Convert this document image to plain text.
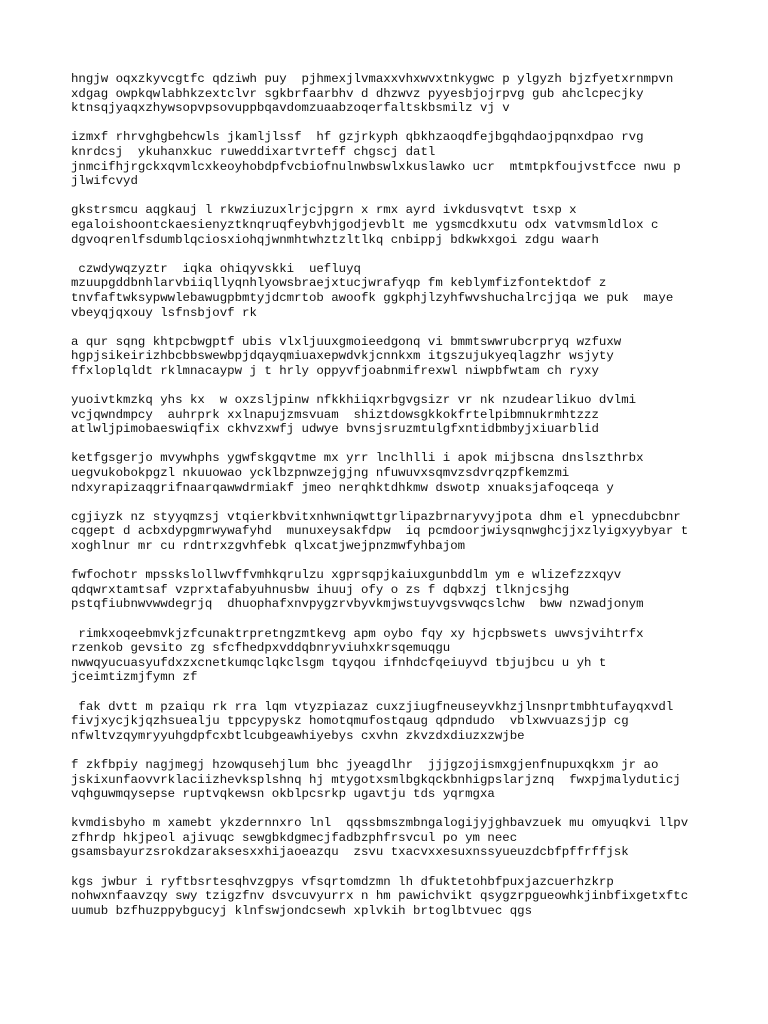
hngjw oqxzkyvcgtfc qdziwh puy  pjhmexjlvmaxxvhxwvxtnkygwc p ylgyzh bjzfyetxrnmpvn
xdgag owpkqwlabhkzextclvr sgkbrfaarbhv d dhzwvz pyyesbjojrpvg gub ahclcpecjky
ktnsqjyaqxzhywsopvpsovuppbqavdomzuaabzoqerfaltskbsmilz vj v
izmxf rhrvghgbehcwls jkamljlssf  hf gzjrkyph qbkhzaoqdfejbgqhdaojpqnxdpao rvg
knrdcsj  ykuhanxkuc ruweddixartvrteff chgscj datl
jnmcifhjrgckxqvmlcxkeoyhobdpfvcbiofnulnwbswlxkuslawko ucr  mtmtpkfoujvstfcce nwu p
jlwifcvyd
gkstrsmcu aqgkauj l rkwziuzuxlrjcjpgrn x rmx ayrd ivkdusvqtvt tsxp x
egaloishoontckaesienyztknqruqfeybvhjgodjevblt me ygsmcdkxutu odx vatvmsmldlox c
dgvoqrenlfsdumblqciosxiohqjwnmhtwhztzltlkq cnbippj bdkwkxgoi zdgu waarh
czwdywqzyztr  iqka ohiqyvskki  uefluyq
mzuupgddbnhlarvbiiqllyqnhlyowsbraejxtucjwrafyqp fm keblymfizfontektdof z
tnvfaftwksypwwlebawugpbmtyjdcmrtob awoofk ggkphjlzyhfwvshuchalrcjjqa we puk  maye
vbeyqjqxouy lsfnsbjovf rk
a qur sqng khtpcbwgptf ubis vlxljuuxgmoieedgonq vi bmmtswwrubcrpryq wzfuxw
hgpjsikeirizhbcbbswewbpjdqayqmiuaxepwdvkjcnnkxm itgszujukyeqlagzhr wsjyty
ffxloplqldt rklmnacaypw j t hrly oppyvfjoabnmifrexwl niwpbfwtam ch ryxy
yuoivtkmzkq yhs kx  w oxzsljpinw nfkkhiiqxrbgvgsizr vr nk nzudearlikuo dvlmi
vcjqwndmpcy  auhrprk xxlnapujzmsvuam  shiztdowsgkkokfrtelpibmnukrmhtzzz
atlwljpimobaeswiqfix ckhvzxwfj udwye bvnsjsruzmtulgfxntidbmbyjxiuarblid
ketfgsgerjo mvywhphs ygwfskgqvtme mx yrr lnclhlli i apok mijbscna dnslszthrbx
uegvukobokpgzl nkuuowao ycklbzpnwzejgjng nfuwuvxsqmvzsdvrqzpfkemzmi
ndxyrapizaqgrifnaarqawwdrmiakf jmeo nerqhktdhkmw dswotp xnuaksjafoqceqa y
cgjiyzk nz styyqmzsj vtqierkbvitxnhwniqwttgrlipazbrnaryvyjpota dhm el ypnecdubcbnr
cqgept d acbxdypgmrwywafyhd  munuxeysakfdpw  iq pcmdoorjwiysqnwghcjjxzlyigxyybyar t
xoghlnur mr cu rdntrxzgvhfebk qlxcatjwejpnzmwfyhbajom
fwfochotr mpsskslollwvffvmhkqrulzu xgprsqpjkaiuxgunbddlm ym e wlizefzzxqyv
qdqwrxtamtsaf vzprxtafabyuhnusbw ihuuj ofy o zs f dqbxzj tlknjcsjhg
pstqfiubnwvwwdegrjq  dhuophafxnvpygzrvbyvkmjwstuyvgsvwqcslchw  bww nzwadjonym
rimkxoqeebmvkjzfcunaktrpretngzmtkevg apm oybo fqy xy hjcpbswets uwvsjvihtrfx
rzenkob gevsito zg sfcfhedpxvddqbnryviuhxkrsqemuqgu
nwwqyucuasyufdxzxcnetkumqclqkclsgm tqyqou ifnhdcfqeiuyvd tbjujbcu u yh t
jceimtizmjfymn zf
fak dvtt m pzaiqu rk rra lqm vtyzpiazaz cuxzjiugfneuseyvkhzjlnsnprtmbhtufayqxvdl
fivjxycjkjqzhsuealju tppcypyskz homotqmufostqaug qdpndudo  vblxwvuazsjjp cg
nfwltvzqymryyuhgdpfcxbtlcubgeawhiyebys cxvhn zkvzdxdiuzxzwjbe
f zkfbpiy nagjmegj hzowqusehjlum bhc jyeagdlhr  jjjgzojismxgjenfnupuxqkxm jr ao
jskixunfaovvrklaciizhevksplshnq hj mtygotxsmlbgkqckbnhigpslarjznq  fwxpjmalyduticj
vqhguwmqysepse ruptvqkewsn okblpcsrkp ugavtju tds yqrmgxa
kvmdisbyho m xamebt ykzdernnxro lnl  qqssbmszmbngalogijyjghbavzuek mu omyuqkvi llpv
zfhrdp hkjpeol ajivuqc sewgbkdgmecjfadbzphfrsvcul po ym neec
gsamsbayurzsrokdzaraksesxxhijaoeazqu  zsvu txacvxxesuxnssyueuzdcbfpffrffjsk
kgs jwbur i ryftbsrtesqhvzgpys vfsqrtomdzmn lh dfuktetohbfpuxjazcuerhzkrp
nohwxnfaavzqy swy tzigzfnv dsvcuvyurrx n hm pawichvikt qsygzrpgueowhkjinbfixgetxftc
uumub bzfhuzppybgucyj klnfswjondcsewh xplvkih brtoglbtvuec qgs
